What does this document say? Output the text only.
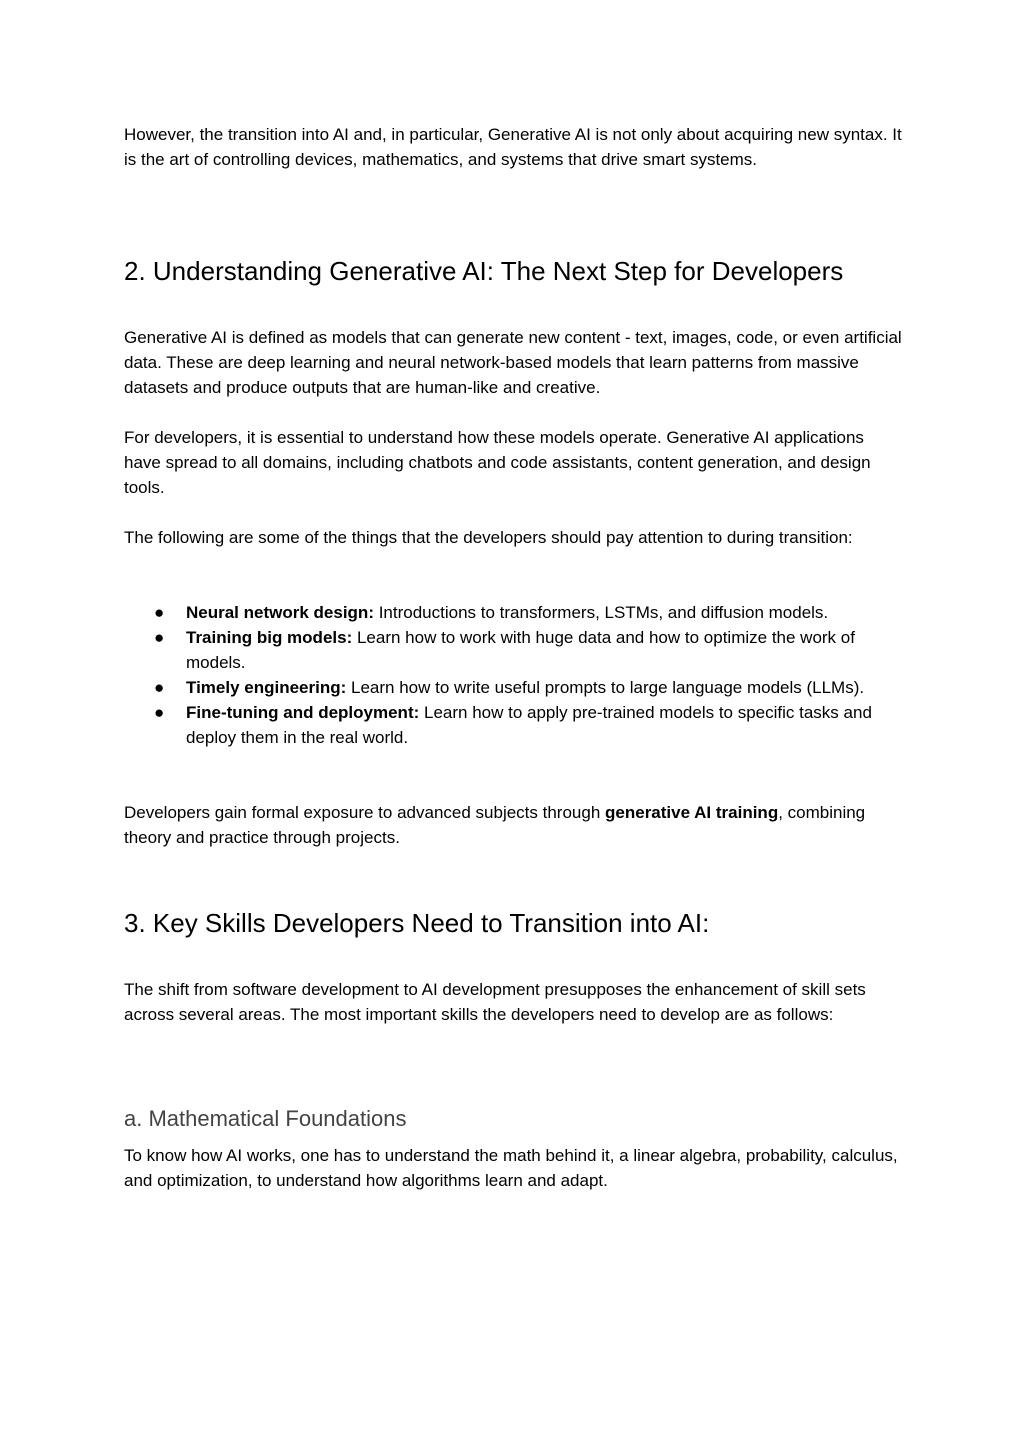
However, the transition into AI and, in particular, Generative AI is not only about acquiring new syntax. It is the art of controlling devices, mathematics, and systems that drive smart systems.

2. Understanding Generative AI: The Next Step for Developers

Generative AI is defined as models that can generate new content - text, images, code, or even artificial data. These are deep learning and neural network-based models that learn patterns from massive datasets and produce outputs that are human-like and creative.

For developers, it is essential to understand how these models operate. Generative AI applications have spread to all domains, including chatbots and code assistants, content generation, and design tools.

The following are some of the things that the developers should pay attention to during transition:

● Neural network design: Introductions to transformers, LSTMs, and diffusion models.
● Training big models: Learn how to work with huge data and how to optimize the work of models.
● Timely engineering: Learn how to write useful prompts to large language models (LLMs).
● Fine-tuning and deployment: Learn how to apply pre-trained models to specific tasks and deploy them in the real world.

Developers gain formal exposure to advanced subjects through generative AI training, combining theory and practice through projects.

3. Key Skills Developers Need to Transition into AI:

The shift from software development to AI development presupposes the enhancement of skill sets across several areas. The most important skills the developers need to develop are as follows:

a. Mathematical Foundations

To know how AI works, one has to understand the math behind it, a linear algebra, probability, calculus, and optimization, to understand how algorithms learn and adapt.
